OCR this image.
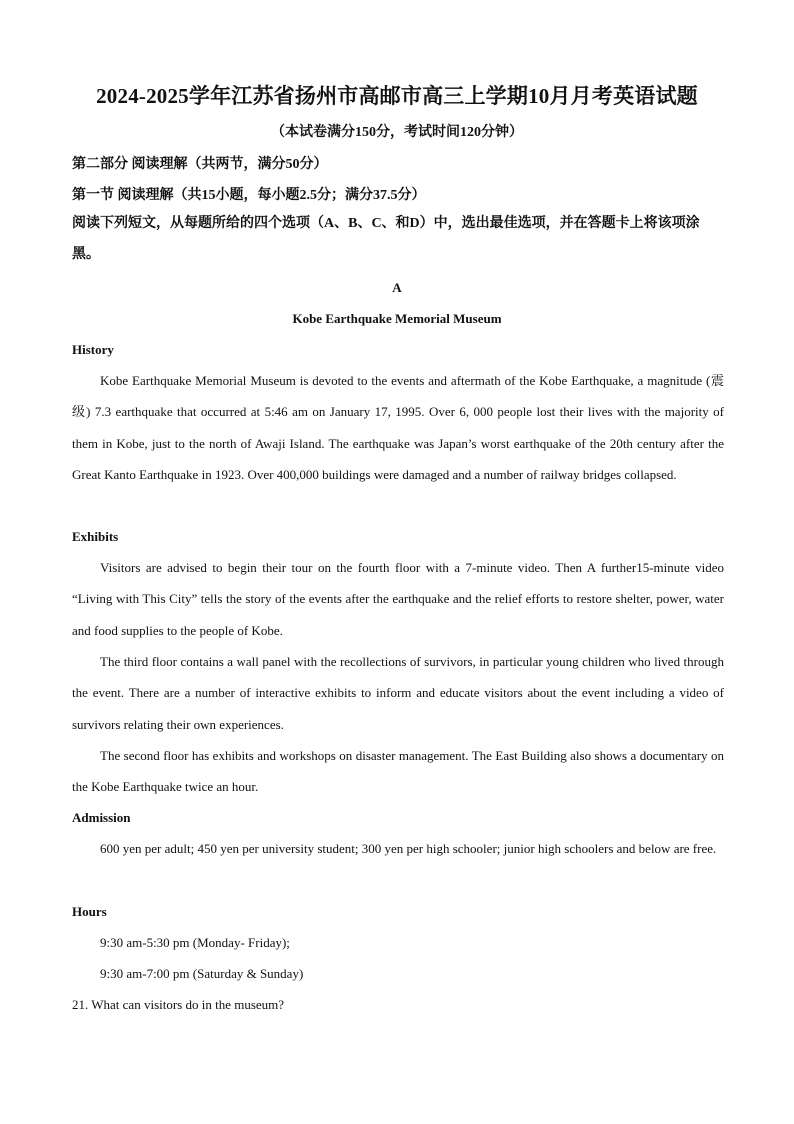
2024-2025学年江苏省扬州市高邮市高三上学期10月月考英语试题
（本试卷满分150分，考试时间120分钟）
第二部分 阅读理解（共两节，满分50分）
第一节 阅读理解（共15小题，每小题2.5分；满分37.5分）
阅读下列短文，从每题所给的四个选项（A、B、C、和D）中，选出最佳选项，并在答题卡上将该项涂黑。
A
Kobe Earthquake Memorial Museum
History
Kobe Earthquake Memorial Museum is devoted to the events and aftermath of the Kobe Earthquake, a magnitude (震级) 7.3 earthquake that occurred at 5:46 am on January 17, 1995. Over 6, 000 people lost their lives with the majority of them in Kobe, just to the north of Awaji Island. The earthquake was Japan’s worst earthquake of the 20th century after the Great Kanto Earthquake in 1923. Over 400,000 buildings were damaged and a number of railway bridges collapsed.
Exhibits
Visitors are advised to begin their tour on the fourth floor with a 7-minute video. Then A further15-minute video “Living with This City” tells the story of the events after the earthquake and the relief efforts to restore shelter, power, water and food supplies to the people of Kobe.
The third floor contains a wall panel with the recollections of survivors, in particular young children who lived through the event. There are a number of interactive exhibits to inform and educate visitors about the event including a video of survivors relating their own experiences.
The second floor has exhibits and workshops on disaster management. The East Building also shows a documentary on the Kobe Earthquake twice an hour.
Admission
600 yen per adult; 450 yen per university student; 300 yen per high schooler; junior high schoolers and below are free.
Hours
9:30 am-5:30 pm (Monday- Friday);
9:30 am-7:00 pm (Saturday & Sunday)
21. What can visitors do in the museum?
